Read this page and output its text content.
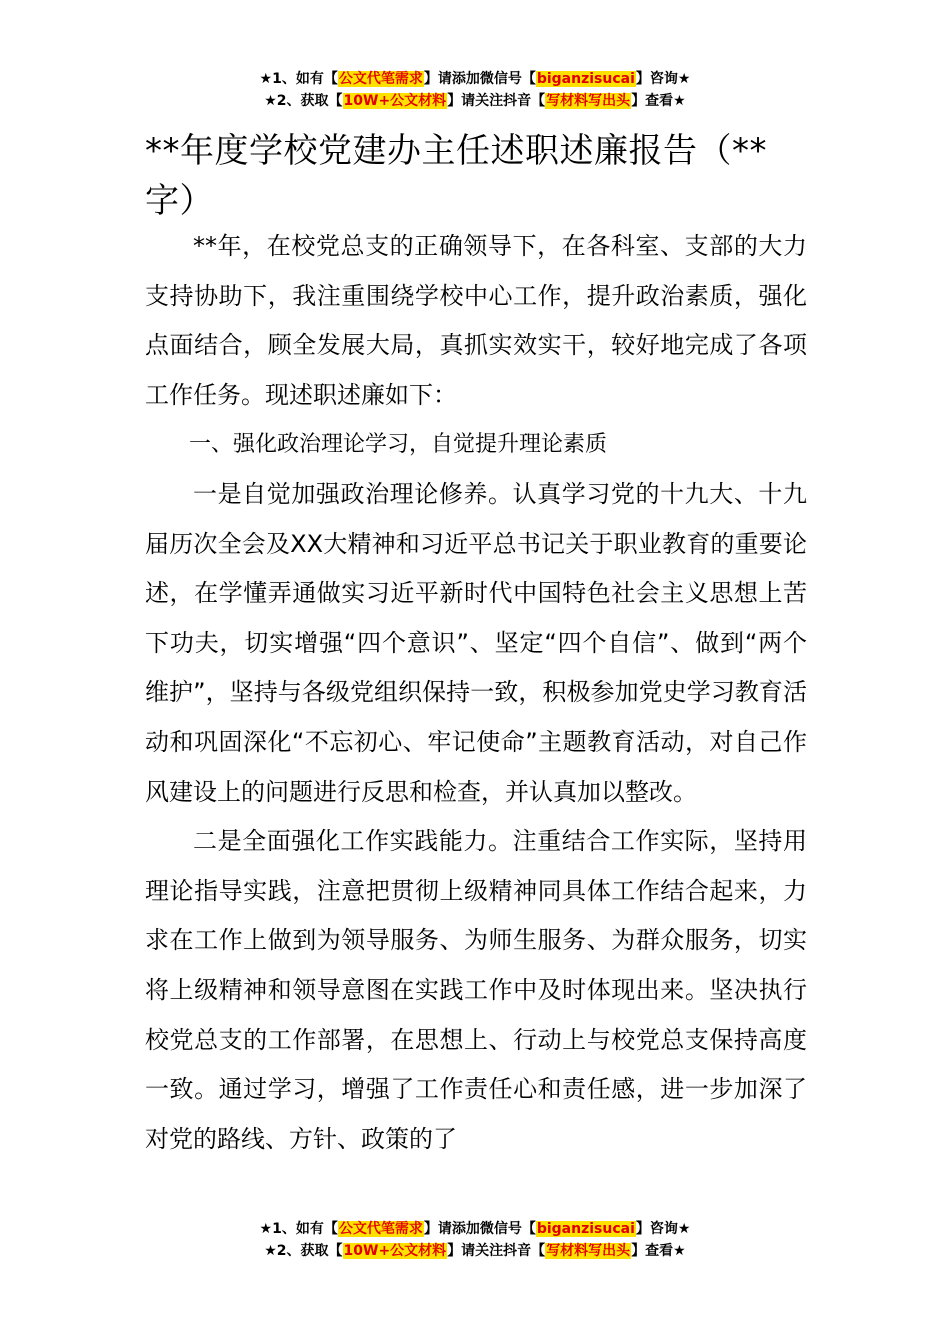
★1、如有【公文代笔需求】请添加微信号【biganzisucai】咨询★
★2、获取【10W+公文材料】请关注抖音【写材料写出头】查看★
**年度学校党建办主任述职述廉报告（**字）

**年，在校党总支的正确领导下，在各科室、支部的大力支持协助下，我注重围绕学校中心工作，提升政治素质，强化点面结合，顾全发展大局，真抓实效实干，较好地完成了各项工作任务。现述职述廉如下：

一、强化政治理论学习，自觉提升理论素质

一是自觉加强政治理论修养。认真学习党的十九大、十九届历次全会及XX大精神和习近平总书记关于职业教育的重要论述，在学懂弄通做实习近平新时代中国特色社会主义思想上苦下功夫，切实增强“四个意识”、坚定“四个自信”、做到“两个维护”，坚持与各级党组织保持一致，积极参加党史学习教育活动和巩固深化“不忘初心、牢记使命”主题教育活动，对自己作风建设上的问题进行反思和检查，并认真加以整改。

二是全面强化工作实践能力。注重结合工作实际，坚持用理论指导实践，注意把贯彻上级精神同具体工作结合起来，力求在工作上做到为领导服务、为师生服务、为群众服务，切实将上级精神和领导意图在实践工作中及时体现出来。坚决执行校党总支的工作部署，在思想上、行动上与校党总支保持高度一致。通过学习，增强了工作责任心和责任感，进一步加深了对党的路线、方针、政策的了

★1、如有【公文代笔需求】请添加微信号【biganzisucai】咨询★
★2、获取【10W+公文材料】请关注抖音【写材料写出头】查看★
